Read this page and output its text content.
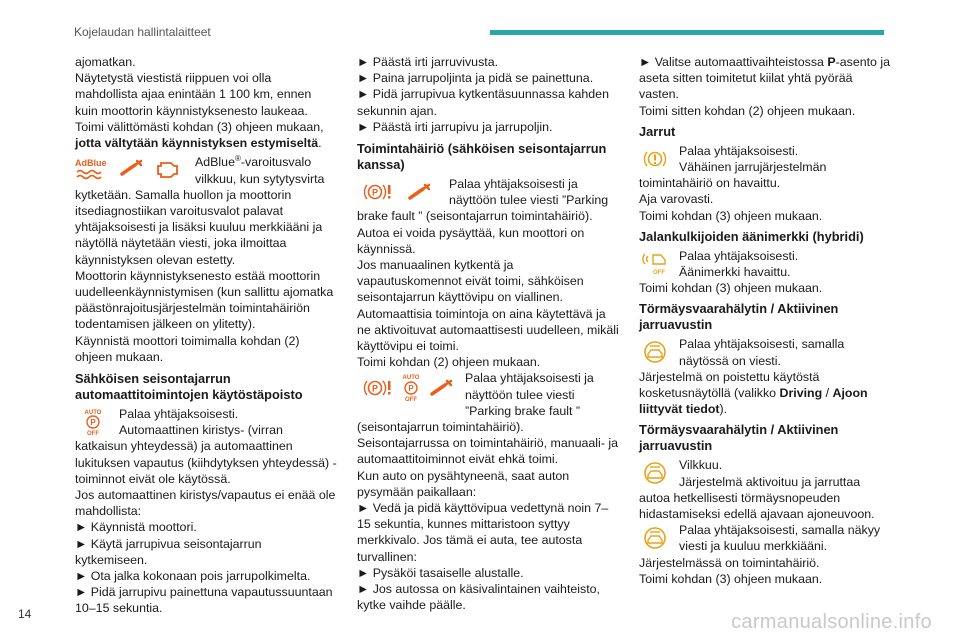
Kojelaudan hallintalaitteet

ajomatkan.

Näytetystä viestistä riippuen voi olla mahdollista ajaa enintään 1 100 km, ennen kuin moottorin käynnistyksenesto laukeaa.

Toimi välittömästi kohdan (3) ohjeen mukaan, jotta vältytään käynnistyksen estymiseltä.

AdBlue	AdBlue®-varoitusvalo vilkkuu, kun sytytysvirta kytketään. Samalla huollon ja moottorin itsediagnostiikan varoitusvalot palavat yhtäjaksoisesti ja lisäksi kuuluu merkkiääni ja näytöllä näytetään viesti, joka ilmoittaa käynnistyksen olevan estetty.

Moottorin käynnistyksenesto estää moottorin uudelleenkäynnistymisen (kun sallittu ajomatka päästönrajoitusjärjestelmän toimintahäiriön todentamisen jälkeen on ylitetty).

Käynnistä moottori toimimalla kohdan (2) ohjeen mukaan.

Sähköisen seisontajarrun automaattitoimintojen käytöstäpoisto
AUTO
P
OFF

Palaa yhtäjaksoisesti.

Automaattinen kiristys- (virran katkaisun yhteydessä) ja automaattinen lukituksen vapautus (kiihdytyksen yhteydessä) -toiminnot eivät ole käytössä.

Jos automaattinen kiristys/vapautus ei enää ole mahdollista:

► Käynnistä moottori.

► Käytä jarrupivua seisontajarrun kytkemiseen.

► Ota jalka kokonaan pois jarrupolkimelta.

► Pidä jarrupivu painettuna vapautussuuntaan 10–15 sekuntia.

► Päästä irti jarruvivusta.

► Paina jarrupoljinta ja pidä se painettuna.

► Pidä jarrupivua kytkentäsuunnassa kahden sekunnin ajan.

► Päästä irti jarrupivu ja jarrupoljin.

Toimintahäiriö (sähköisen seisontajarrun kanssa)
P

Palaa yhtäjaksoisesti ja näyttöön tulee viesti ”Parking brake fault ” (seisontajarrun toimintahäiriö).

Autoa ei voida pysäyttää, kun moottori on käynnissä.

Jos manuaalinen kytkentä ja vapautuskomennot eivät toimi, sähköisen seisontajarrun käyttövipu on viallinen.

Automaattisia toimintoja on aina käytettävä ja ne aktivoituvat automaattisesti uudelleen, mikäli käyttövipu ei toimi.

Toimi kohdan (2) ohjeen mukaan.

P
AUTO
P
OFF

Palaa yhtäjaksoisesti ja näyttöön tulee viesti ”Parking brake fault ” (seisontajarrun toimintahäiriö).

Seisontajarrussa on toimintahäiriö, manuaali- ja automaattitoiminnot eivät ehkä toimi.

Kun auto on pysähtyneenä, saat auton pysymään paikallaan:

► Vedä ja pidä käyttövipua vedettynä noin 7–15 sekuntia, kunnes mittaristoon syttyy merkkivalo. Jos tämä ei auta, tee autosta turvallinen:

► Pysäköi tasaiselle alustalle.

► Jos autossa on käsivalintainen vaihteisto, kytke vaihde päälle.

► Valitse automaattivaihteistossa P-asento ja aseta sitten toimitetut kiilat yhtä pyörää vasten.

Toimi sitten kohdan (2) ohjeen mukaan.

Jarrut

Palaa yhtäjaksoisesti.

Vähäinen jarrujärjestelmän toimintahäiriö on havaittu.

Aja varovasti.

Toimi kohdan (3) ohjeen mukaan.

Jalankulkijoiden äänimerkki (hybridi)
OFF

Palaa yhtäjaksoisesti.

Äänimerkki havaittu.

Toimi kohdan (3) ohjeen mukaan.

Törmäysvaarahälytin / Aktiivinen jarruavustin

Palaa yhtäjaksoisesti, samalla näytössä on viesti.

Järjestelmä on poistettu käytöstä kosketusnäytöllä (valikko Driving / Ajoon liittyvät tiedot).

Törmäysvaarahälytin / Aktiivinen jarruavustin

Vilkkuu.

Järjestelmä aktivoituu ja jarruttaa autoa hetkellisesti törmäysnopeuden hidastamiseksi edellä ajavaan ajoneuvoon.

Palaa yhtäjaksoisesti, samalla näkyy viesti ja kuuluu merkkiääni.

Järjestelmässä on toimintahäiriö.

Toimi kohdan (3) ohjeen mukaan.

14	carmanualsonline.info
